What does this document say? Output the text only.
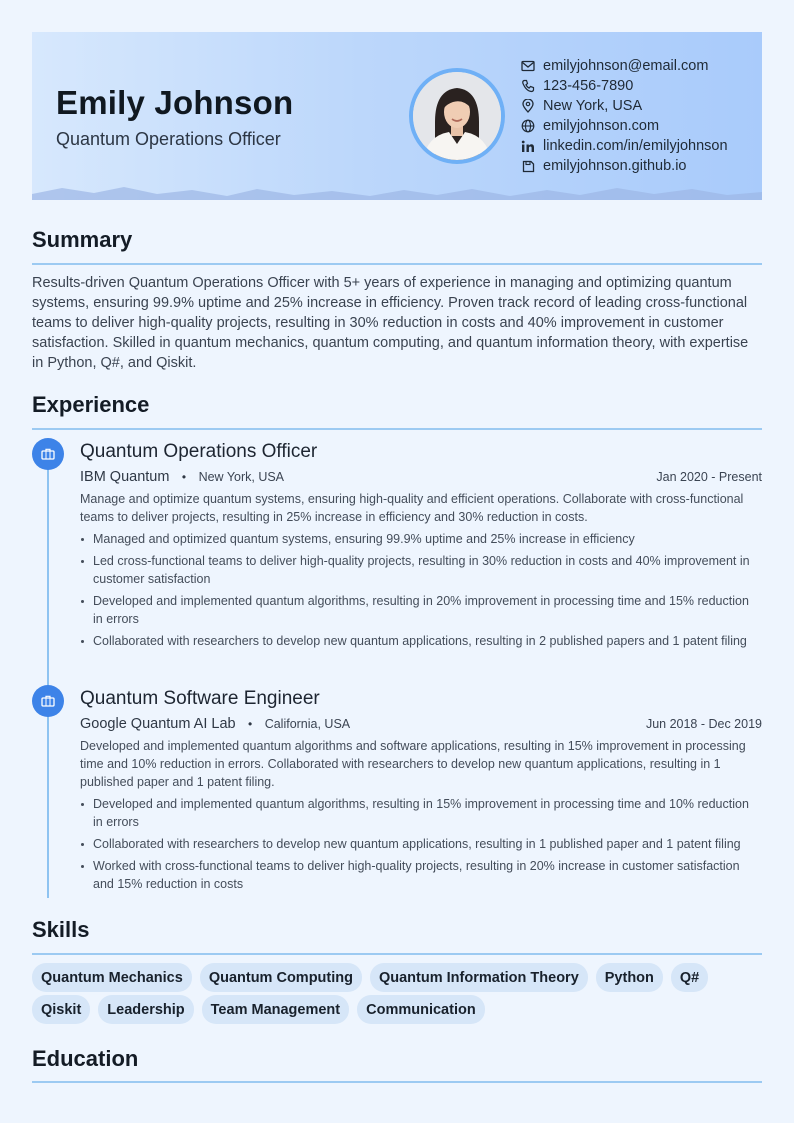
Emily Johnson
Quantum Operations Officer
emilyjohnson@email.com
123-456-7890
New York, USA
emilyjohnson.com
linkedin.com/in/emilyjohnson
emilyjohnson.github.io
Summary
Results-driven Quantum Operations Officer with 5+ years of experience in managing and optimizing quantum systems, ensuring 99.9% uptime and 25% increase in efficiency. Proven track record of leading cross-functional teams to deliver high-quality projects, resulting in 30% reduction in costs and 40% improvement in customer satisfaction. Skilled in quantum mechanics, quantum computing, and quantum information theory, with expertise in Python, Q#, and Qiskit.
Experience
Quantum Operations Officer
IBM Quantum • New York, USA	Jan 2020 - Present
Manage and optimize quantum systems, ensuring high-quality and efficient operations. Collaborate with cross-functional teams to deliver projects, resulting in 25% increase in efficiency and 30% reduction in costs.
Managed and optimized quantum systems, ensuring 99.9% uptime and 25% increase in efficiency
Led cross-functional teams to deliver high-quality projects, resulting in 30% reduction in costs and 40% improvement in customer satisfaction
Developed and implemented quantum algorithms, resulting in 20% improvement in processing time and 15% reduction in errors
Collaborated with researchers to develop new quantum applications, resulting in 2 published papers and 1 patent filing
Quantum Software Engineer
Google Quantum AI Lab • California, USA	Jun 2018 - Dec 2019
Developed and implemented quantum algorithms and software applications, resulting in 15% improvement in processing time and 10% reduction in errors. Collaborated with researchers to develop new quantum applications, resulting in 1 published paper and 1 patent filing.
Developed and implemented quantum algorithms, resulting in 15% improvement in processing time and 10% reduction in errors
Collaborated with researchers to develop new quantum applications, resulting in 1 published paper and 1 patent filing
Worked with cross-functional teams to deliver high-quality projects, resulting in 20% increase in customer satisfaction and 15% reduction in costs
Skills
Quantum Mechanics	Quantum Computing	Quantum Information Theory	Python	Q#
Qiskit	Leadership	Team Management	Communication
Education
